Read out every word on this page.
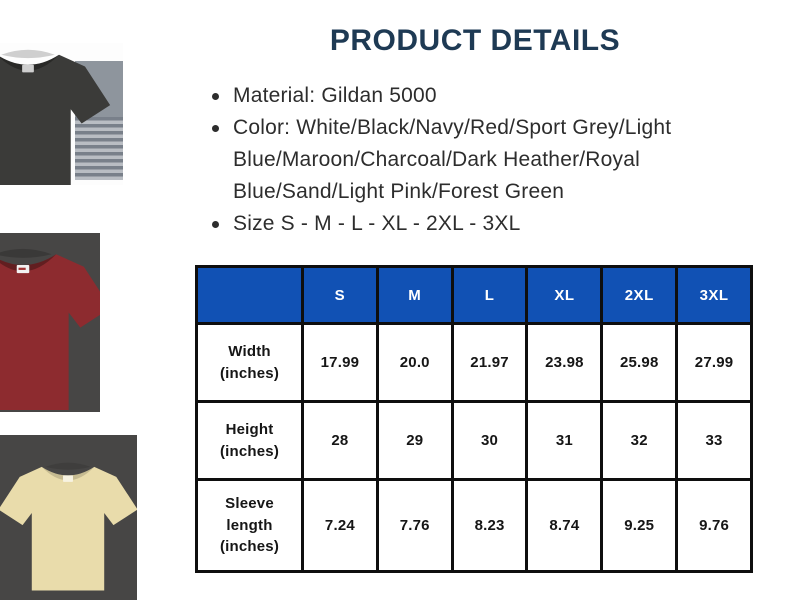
PRODUCT DETAILS
Material: Gildan 5000
Color: White/Black/Navy/Red/Sport Grey/Light
Blue/Maroon/Charcoal/Dark Heather/Royal
Blue/Sand/Light Pink/Forest Green
Size S - M - L - XL - 2XL - 3XL
	S	M	L	XL	2XL	3XL
Width (inches)	17.99	20.0	21.97	23.98	25.98	27.99
Height (inches)	28	29	30	31	32	33
Sleeve length (inches)	7.24	7.76	8.23	8.74	9.25	9.76
